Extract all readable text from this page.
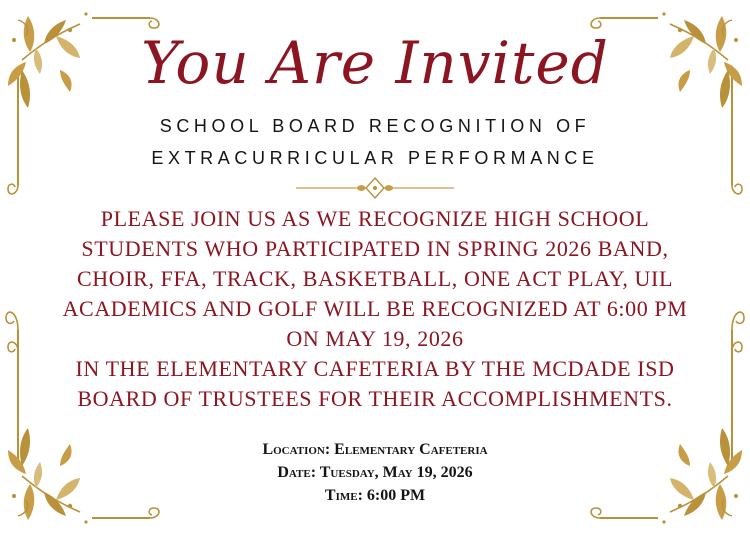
You Are Invited
SCHOOL BOARD RECOGNITION OF
EXTRACURRICULAR PERFORMANCE
PLEASE JOIN US AS WE RECOGNIZE HIGH SCHOOL
STUDENTS WHO PARTICIPATED IN SPRING 2026 BAND,
CHOIR, FFA, TRACK, BASKETBALL, ONE ACT PLAY, UIL
ACADEMICS AND GOLF WILL BE RECOGNIZED AT 6:00 PM
ON MAY 19, 2026
IN THE ELEMENTARY CAFETERIA BY THE MCDADE ISD
BOARD OF TRUSTEES FOR THEIR ACCOMPLISHMENTS.
Location: Elementary Cafeteria
Date: Tuesday, May 19, 2026
Time: 6:00 PM
